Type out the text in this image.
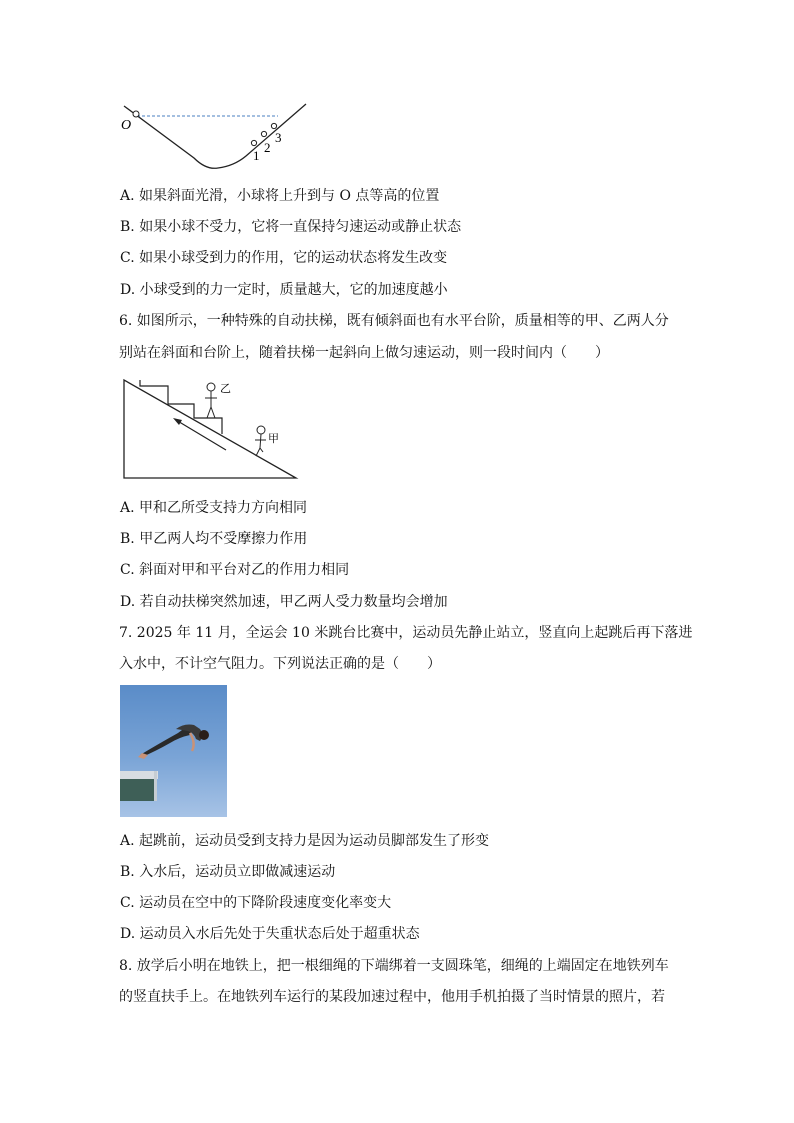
O
1
2
3
A. 如果斜面光滑，小球将上升到与 O 点等高的位置
B. 如果小球不受力，它将一直保持匀速运动或静止状态
C. 如果小球受到力的作用，它的运动状态将发生改变
D. 小球受到的力一定时，质量越大，它的加速度越小
6. 如图所示，一种特殊的自动扶梯，既有倾斜面也有水平台阶，质量相等的甲、乙两人分
别站在斜面和台阶上，随着扶梯一起斜向上做匀速运动，则一段时间内（　　）
乙
甲
A. 甲和乙所受支持力方向相同
B. 甲乙两人均不受摩擦力作用
C. 斜面对甲和平台对乙的作用力相同
D. 若自动扶梯突然加速，甲乙两人受力数量均会增加
7. 2025 年 11 月，全运会 10 米跳台比赛中，运动员先静止站立，竖直向上起跳后再下落进
入水中，不计空气阻力。下列说法正确的是（　　）
A. 起跳前，运动员受到支持力是因为运动员脚部发生了形变
B. 入水后，运动员立即做减速运动
C. 运动员在空中的下降阶段速度变化率变大
D. 运动员入水后先处于失重状态后处于超重状态
8. 放学后小明在地铁上，把一根细绳的下端绑着一支圆珠笔，细绳的上端固定在地铁列车
的竖直扶手上。在地铁列车运行的某段加速过程中，他用手机拍摄了当时情景的照片，若
